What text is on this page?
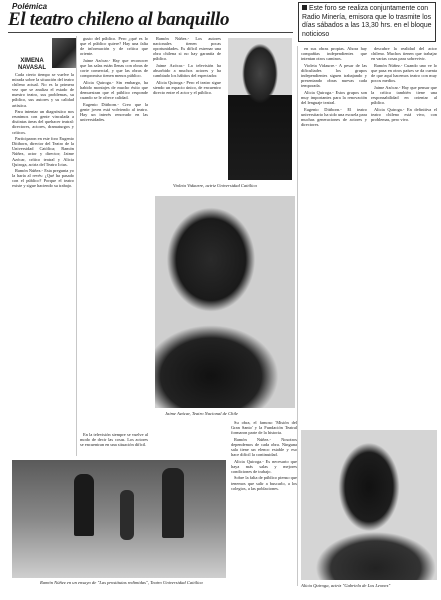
Polémica
El teatro chileno al banquillo
Este foro se realiza conjuntamente con Radio Minería, emisora que lo trasmite los días sábados a las 13,30 hrs. en el bloque noticioso
XIMENA NAVASAL

Cada cierto tiempo se vuelve la mirada sobre la situación del teatro chileno actual. No es la primera vez que se analiza el estado de nuestro teatro, sus problemas, su público, sus autores y su calidad artística.

Para intentar un diagnóstico nos reunimos con gente vinculada a distintas áreas del quehacer teatral: directores, actores, dramaturgos y críticos.

Participaron en este foro Eugenio Dittborn, director del Teatro de la Universidad Católica; Ramón Núñez, actor y director; Jaime Azócar, crítico teatral y Alicia Quiroga, actriz del Teatro Ictus.

Ramón Núñez.- Esta pregunta yo la haría al revés: ¿Qué ha pasado con el público? Porque el teatro existe y sigue haciendo su trabajo.

gusto del público. Pero ¿qué es lo que el público quiere? Hay una falta de información y de crítica que oriente.

Jaime Azócar.- Hay que reconocer que las salas están llenas con obras de corte comercial, y que las obras de compromiso tienen menos público.

Alicia Quiroga.- Sin embargo, ha habido montajes de mucho éxito que demuestran que el público responde cuando se le ofrece calidad.

Eugenio Dittborn.- Creo que la gente joven está volviendo al teatro. Hay un interés renovado en las universidades.

Ramón Núñez.- Los autores nacionales tienen pocas oportunidades. Es difícil estrenar una obra chilena si no hay garantía de público.

Jaime Azócar.- La televisión ha absorbido a muchos actores y ha cambiado los hábitos del espectador.

Alicia Quiroga.- Pero el teatro sigue siendo un espacio único, de encuentro directo entre el actor y el público.

Violeta Vidaurre, actriz Universidad Católica
Jaime Azócar, Teatro Nacional de Chile

en sus obras propias. Ahora hay compañías independientes que intentan otros caminos.

Violeta Vidaurre.- A pesar de las dificultades los grupos independientes siguen trabajando y presentando obras nuevas cada temporada.

Alicia Quiroga.- Estos grupos son muy importantes para la renovación del lenguaje teatral.

Eugenio Dittborn.- El teatro universitario ha sido una escuela para muchas generaciones de actores y directores.

descubre la realidad del actor chileno. Muchos tienen que trabajar en varias cosas para sobrevivir.

Ramón Núñez.- Cuando uno ve lo que pasa en otros países se da cuenta de que aquí hacemos teatro con muy pocos medios.

Jaime Azócar.- Hay que pensar que la crítica también tiene una responsabilidad en orientar al público.

Alicia Quiroga.- En definitiva el teatro chileno está vivo, con problemas, pero vivo.

En la televisión siempre se vuelve al modo de decir las cosas. Los actores se encuentran en una situación difícil.

Su obra, el famoso 'Misión del Gran Santo' y la Fundación Teatral formaron parte de la historia.

Ramón Núñez.- Nosotros dependemos de cada obra. Ninguna sala tiene un elenco estable y eso hace difícil la continuidad.

Alicia Quiroga.- Es necesario que haya más salas y mejores condiciones de trabajo.

Sobre la falta de público pienso que tenemos que salir a buscarlo, a los colegios, a las poblaciones.

Ramón Núñez en un ensayo de "Las prostitutas redimidas", Teatro Universidad Católica
Alicia Quiroga, actriz "Gabriela de Los Leones"
